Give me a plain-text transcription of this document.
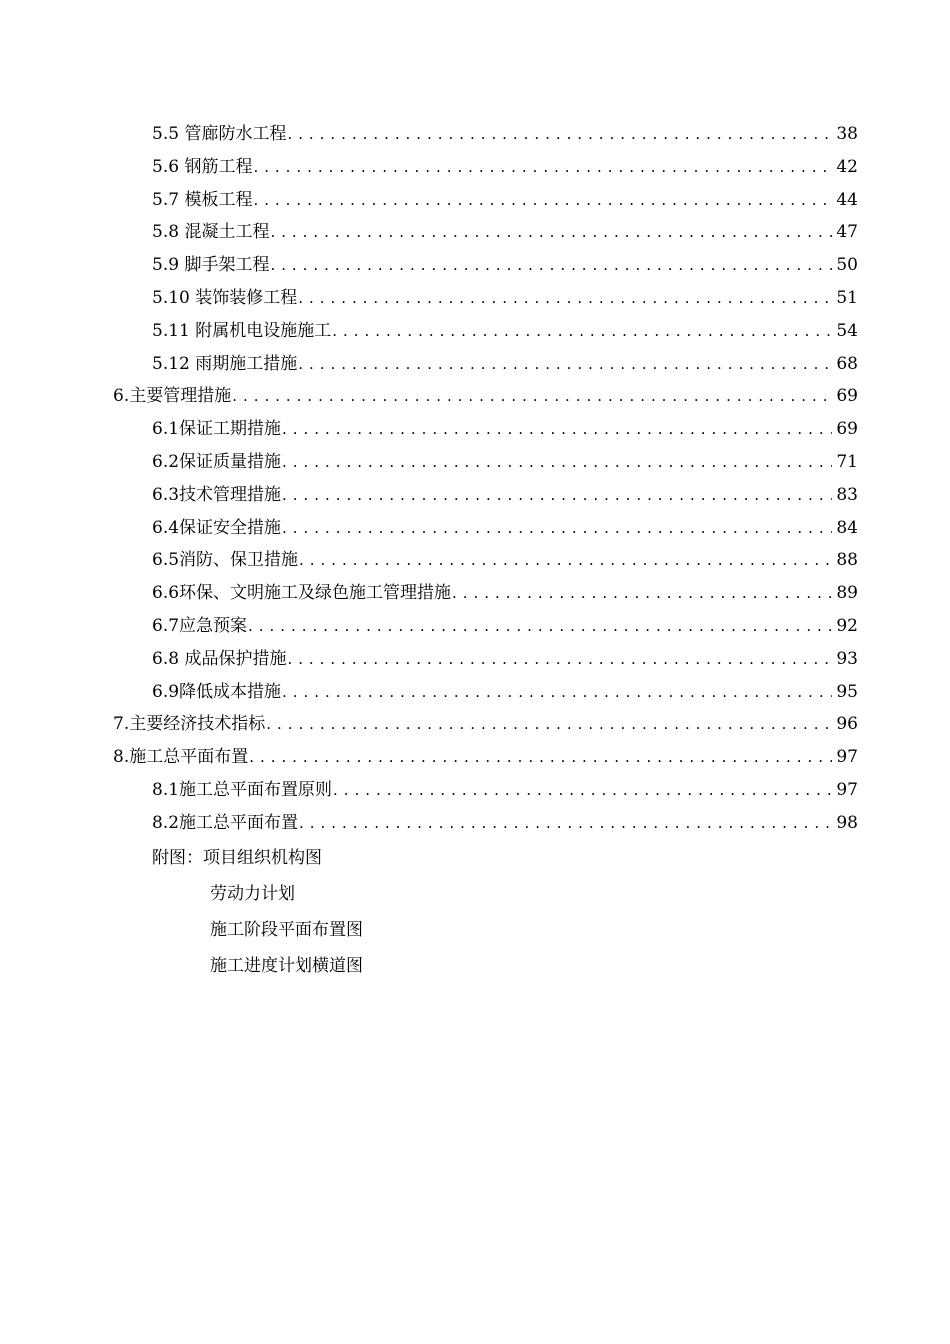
5.5 管廊防水工程 . . .	38
5.6 钢筋工程 . . .	42
5.7 模板工程 . . .	44
5.8 混凝土工程 . . .	47
5.9 脚手架工程 . . .	50
5.10 装饰装修工程 . . .	51
5.11 附属机电设施施工 . . .	54
5.12 雨期施工措施 . . .	68
6.主要管理措施 . . .	69
6.1保证工期措施 . . .	69
6.2保证质量措施 . . .	71
6.3技术管理措施 . . .	83
6.4保证安全措施 . . .	84
6.5消防、保卫措施 . . .	88
6.6环保、文明施工及绿色施工管理措施 . . .	89
6.7应急预案 . . .	92
6.8 成品保护措施 . . .	93
6.9降低成本措施 . . .	95
7.主要经济技术指标 . . .	96
8.施工总平面布置 . . .	97
8.1施工总平面布置原则 . . .	97
8.2施工总平面布置 . . .	98
附图：项目组织机构图
劳动力计划
施工阶段平面布置图
施工进度计划横道图
